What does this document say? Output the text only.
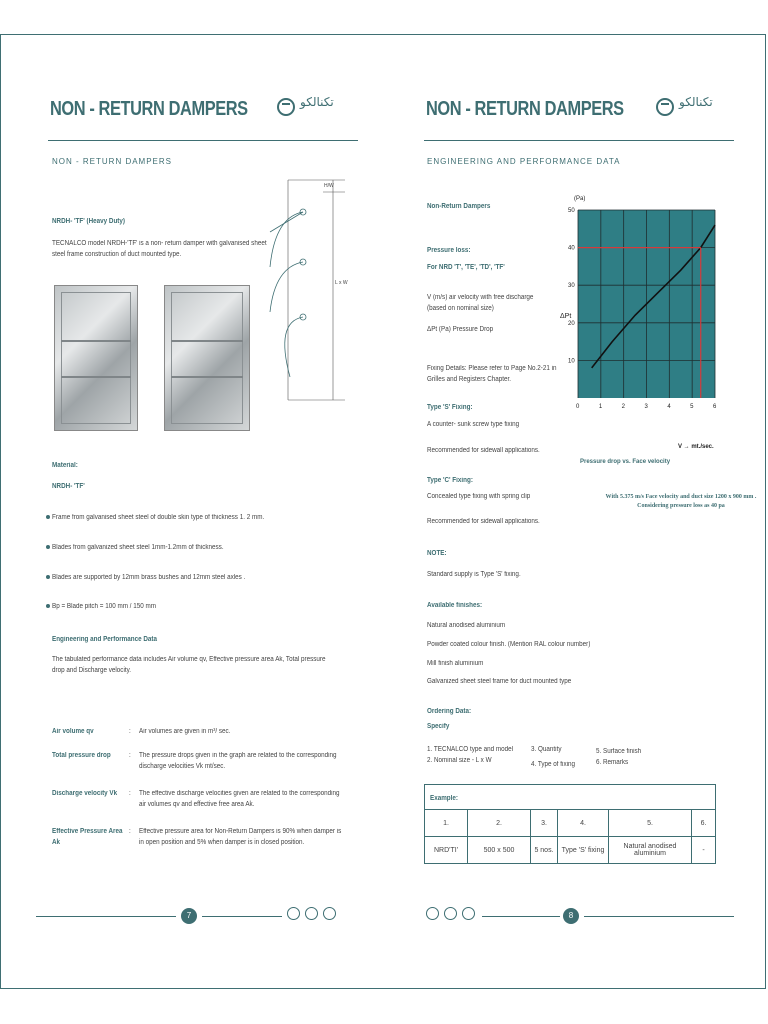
NON - RETURN DAMPERS	تكنالكو
NON - RETURN DAMPERS
NRDH- 'TF' (Heavy Duty)
TECNALCO model NRDH-'TF' is a non- return damper with galvanised sheet steel frame construction of duct mounted type.
H/W
L x W
Material:
NRDH- 'TF'
Frame from galvanised sheet steel of double skin type of thickness 1. 2 mm.
Blades from galvanized sheet steel 1mm-1.2mm of thickness.
Blades are supported by 12mm brass bushes and 12mm steel axles .
Bp = Blade pitch = 100 mm / 150 mm
Engineering and Performance Data
The tabulated performance data includes Air volume qv, Effective pressure area Ak, Total pressure drop and Discharge velocity.
Air volume qv	: Air volumes are given in m³/ sec.
Total pressure drop	: The pressure drops given in the graph are related to the corresponding discharge velocities Vk mt/sec.
Discharge velocity Vk	: The effective discharge velocities given are related to the corresponding air volumes qv and effective free area Ak.
Effective Pressure Area Ak
: Effective pressure area for Non-Return Dampers is 90% when damper is in open position and 5% when damper is in closed position.
7
NON - RETURN DAMPERS	تكنالكو
ENGINEERING AND PERFORMANCE DATA
Non-Return Dampers
Pressure loss:
For NRD 'T', 'TE', 'TD', 'TF'
V (m/s) air velocity with free discharge (based on nominal size)
ΔPt (Pa) Pressure Drop
Fixing Details: Please refer to Page No.2-21 in Grilles and Registers Chapter.
Type 'S' Fixing:
A counter- sunk screw type fixing
Recommended for sidewall applications.
Type 'C' Fixing:
Concealed type fixing with spring clip
Recommended for sidewall applications.
NOTE:
Standard supply is Type 'S' fixing.
Available finishes:
Natural anodised aluminium
Powder coated colour finish. (Mention RAL colour number)
Mill finish aluminium
Galvanized sheet steel frame for duct mounted type
Ordering Data:
Specify
1. TECNALCO type and model
2. Nominal size - L x W
3. Quantity
4. Type of fixing
5. Surface finish
6. Remarks
Example:
1.	2.	3.	4.	5.	6.
NRD'TI'	500 x 500	5 nos.	Type 'S' fixing	Natural anodised aluminium	-
10
20
30
40
50
0	1	2	3	4	5	6
(Pa)
ΔPt
V → mt./sec.
Pressure drop vs. Face velocity
With 5.375 m/s Face velocity and duct size 1200 x 900 mm . Considering pressure loss as 40 pa
8
